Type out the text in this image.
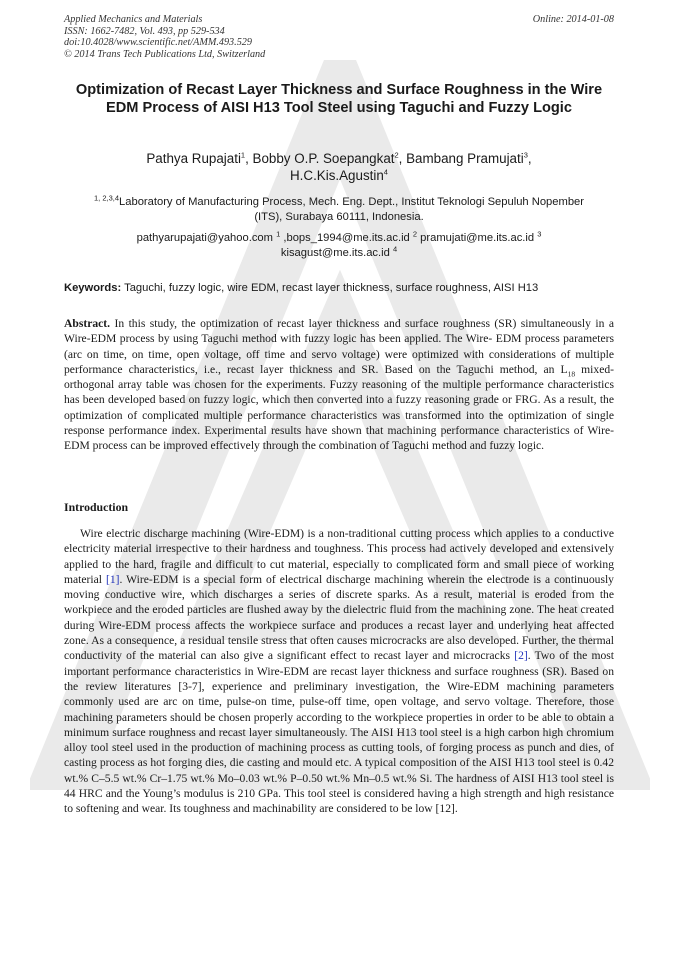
Applied Mechanics and Materials
ISSN: 1662-7482, Vol. 493, pp 529-534
doi:10.4028/www.scientific.net/AMM.493.529
© 2014 Trans Tech Publications Ltd, Switzerland
Online: 2014-01-08
Optimization of Recast Layer Thickness and Surface Roughness in the Wire EDM Process of AISI H13 Tool Steel using Taguchi and Fuzzy Logic
Pathya Rupajati$^1$, Bobby O.P. Soepangkat$^2$, Bambang Pramujati$^3$,
H.C.Kis.Agustin$^4$
$^{1, 2,3,4}$Laboratory of Manufacturing Process, Mech. Eng. Dept., Institut Teknologi Sepuluh Nopember (ITS), Surabaya 60111, Indonesia.
pathyarupajati@yahoo.com $^1$ ,bops_1994@me.its.ac.id $^2$ pramujati@me.its.ac.id $^3$
kisagust@me.its.ac.id $^4$
Keywords: Taguchi, fuzzy logic, wire EDM, recast layer thickness, surface roughness, AISI H13
Abstract. In this study, the optimization of recast layer thickness and surface roughness (SR) simultaneously in a Wire-EDM process by using Taguchi method with fuzzy logic has been applied. The Wire- EDM process parameters (arc on time, on time, open voltage, off time and servo voltage) were optimized with considerations of multiple performance characteristics, i.e., recast layer thickness and SR. Based on the Taguchi method, an $L_{18}$ mixed-orthogonal array table was chosen for the experiments. Fuzzy reasoning of the multiple performance characteristics has been developed based on fuzzy logic, which then converted into a fuzzy reasoning grade or FRG. As a result, the optimization of complicated multiple performance characteristics was transformed into the optimization of single response performance index. Experimental results have shown that machining performance characteristics of Wire-EDM process can be improved effectively through the combination of Taguchi method and fuzzy logic.
Introduction
Wire electric discharge machining (Wire-EDM) is a non-traditional cutting process which applies to a conductive electricity material irrespective to their hardness and toughness. This process had actively developed and extensively applied to the hard, fragile and difficult to cut material, especially to complicated form and small piece of working material [1]. Wire-EDM is a special form of electrical discharge machining wherein the electrode is a continuously moving conductive wire, which discharges a series of discrete sparks. As a result, material is eroded from the workpiece and the eroded particles are flushed away by the dielectric fluid from the machining zone. The heat created during Wire-EDM process affects the workpiece surface and produces a recast layer and underlying heat affected zone. As a consequence, a residual tensile stress that often causes microcracks are also developed. Further, the thermal conductivity of the material can also give a significant effect to recast layer and microcracks [2]. Two of the most important performance characteristics in Wire-EDM are recast layer thickness and surface roughness (SR). Based on the review literatures [3-7], experience and preliminary investigation, the Wire-EDM machining parameters commonly used are arc on time, pulse-on time, pulse-off time, open voltage, and servo voltage. Therefore, those machining parameters should be chosen properly according to the workpiece properties in order to be able to obtain a minimum surface roughness and recast layer simultaneously. The AISI H13 tool steel is a high carbon high chromium alloy tool steel used in the production of machining process as cutting tools, of forging process as punch and dies, of casting process as hot forging dies, die casting and mould etc. A typical composition of the AISI H13 tool steel is 0.42 wt.% C–5.5 wt.% Cr–1.75 wt.% Mo–0.03 wt.% P–0.50 wt.% Mn–0.5 wt.% Si. The hardness of AISI H13 tool steel is 44 HRC and the Young’s modulus is 210 GPa. This tool steel is considered having a high strength and high resistance to softening and wear. Its toughness and machinability are considered to be low [12].
